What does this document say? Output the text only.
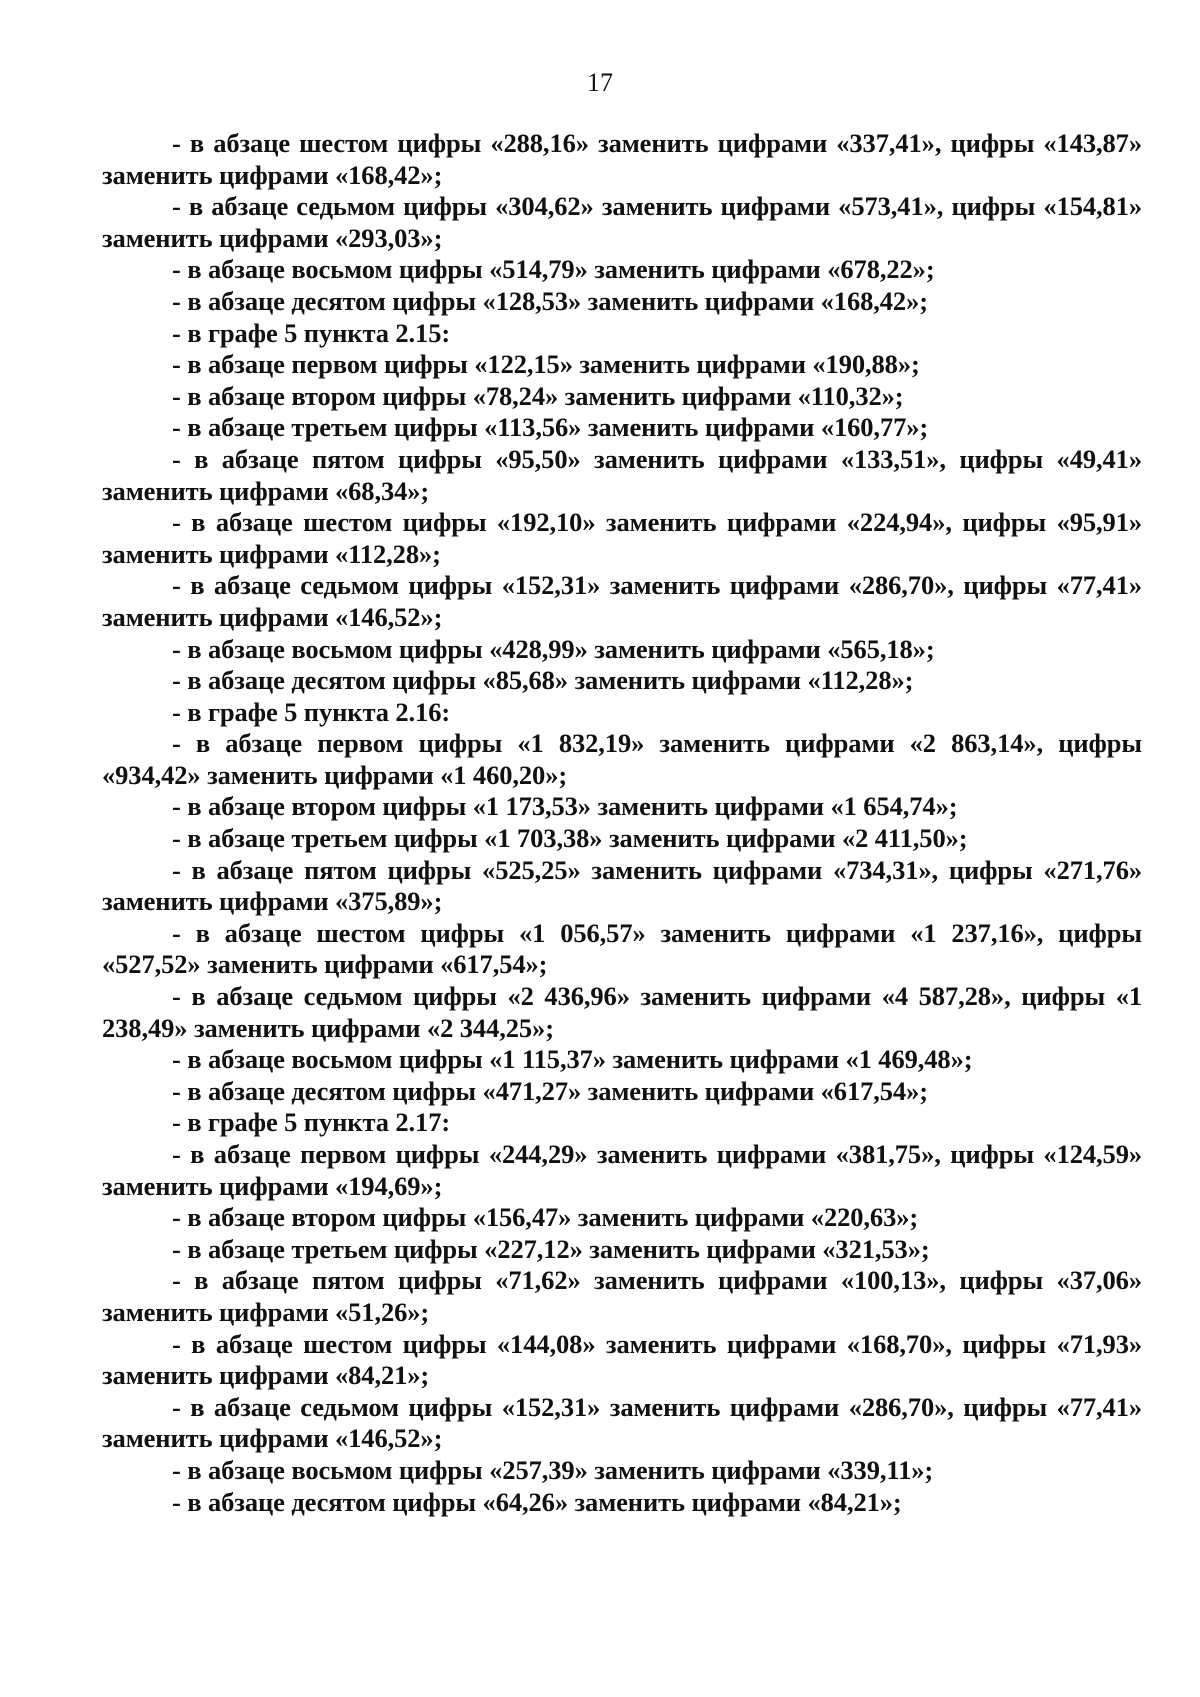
17

- в абзаце шестом цифры «288,16» заменить цифрами «337,41», цифры «143,87» заменить цифрами «168,42»;

- в абзаце седьмом цифры «304,62» заменить цифрами «573,41», цифры «154,81» заменить цифрами «293,03»;

- в абзаце восьмом цифры «514,79» заменить цифрами «678,22»;

- в абзаце десятом цифры «128,53» заменить цифрами «168,42»;

- в графе 5 пункта 2.15:

- в абзаце первом цифры «122,15» заменить цифрами «190,88»;

- в абзаце втором цифры «78,24» заменить цифрами «110,32»;

- в абзаце третьем цифры «113,56» заменить цифрами «160,77»;

- в абзаце пятом цифры «95,50» заменить цифрами «133,51», цифры «49,41» заменить цифрами «68,34»;

- в абзаце шестом цифры «192,10» заменить цифрами «224,94», цифры «95,91» заменить цифрами «112,28»;

- в абзаце седьмом цифры «152,31» заменить цифрами «286,70», цифры «77,41» заменить цифрами «146,52»;

- в абзаце восьмом цифры «428,99» заменить цифрами «565,18»;

- в абзаце десятом цифры «85,68» заменить цифрами «112,28»;

- в графе 5 пункта 2.16:

- в абзаце первом цифры «1 832,19» заменить цифрами «2 863,14», цифры «934,42» заменить цифрами «1 460,20»;

- в абзаце втором цифры «1 173,53» заменить цифрами «1 654,74»;

- в абзаце третьем цифры «1 703,38» заменить цифрами «2 411,50»;

- в абзаце пятом цифры «525,25» заменить цифрами «734,31», цифры «271,76» заменить цифрами «375,89»;

- в абзаце шестом цифры «1 056,57» заменить цифрами «1 237,16», цифры «527,52» заменить цифрами «617,54»;

- в абзаце седьмом цифры «2 436,96» заменить цифрами «4 587,28», цифры «1 238,49» заменить цифрами «2 344,25»;

- в абзаце восьмом цифры «1 115,37» заменить цифрами «1 469,48»;

- в абзаце десятом цифры «471,27» заменить цифрами «617,54»;

- в графе 5 пункта 2.17:

- в абзаце первом цифры «244,29» заменить цифрами «381,75», цифры «124,59» заменить цифрами «194,69»;

- в абзаце втором цифры «156,47» заменить цифрами «220,63»;

- в абзаце третьем цифры «227,12» заменить цифрами «321,53»;

- в абзаце пятом цифры «71,62» заменить цифрами «100,13», цифры «37,06» заменить цифрами «51,26»;

- в абзаце шестом цифры «144,08» заменить цифрами «168,70», цифры «71,93» заменить цифрами «84,21»;

- в абзаце седьмом цифры «152,31» заменить цифрами «286,70», цифры «77,41» заменить цифрами «146,52»;

- в абзаце восьмом цифры «257,39» заменить цифрами «339,11»;

- в абзаце десятом цифры «64,26» заменить цифрами «84,21»;
